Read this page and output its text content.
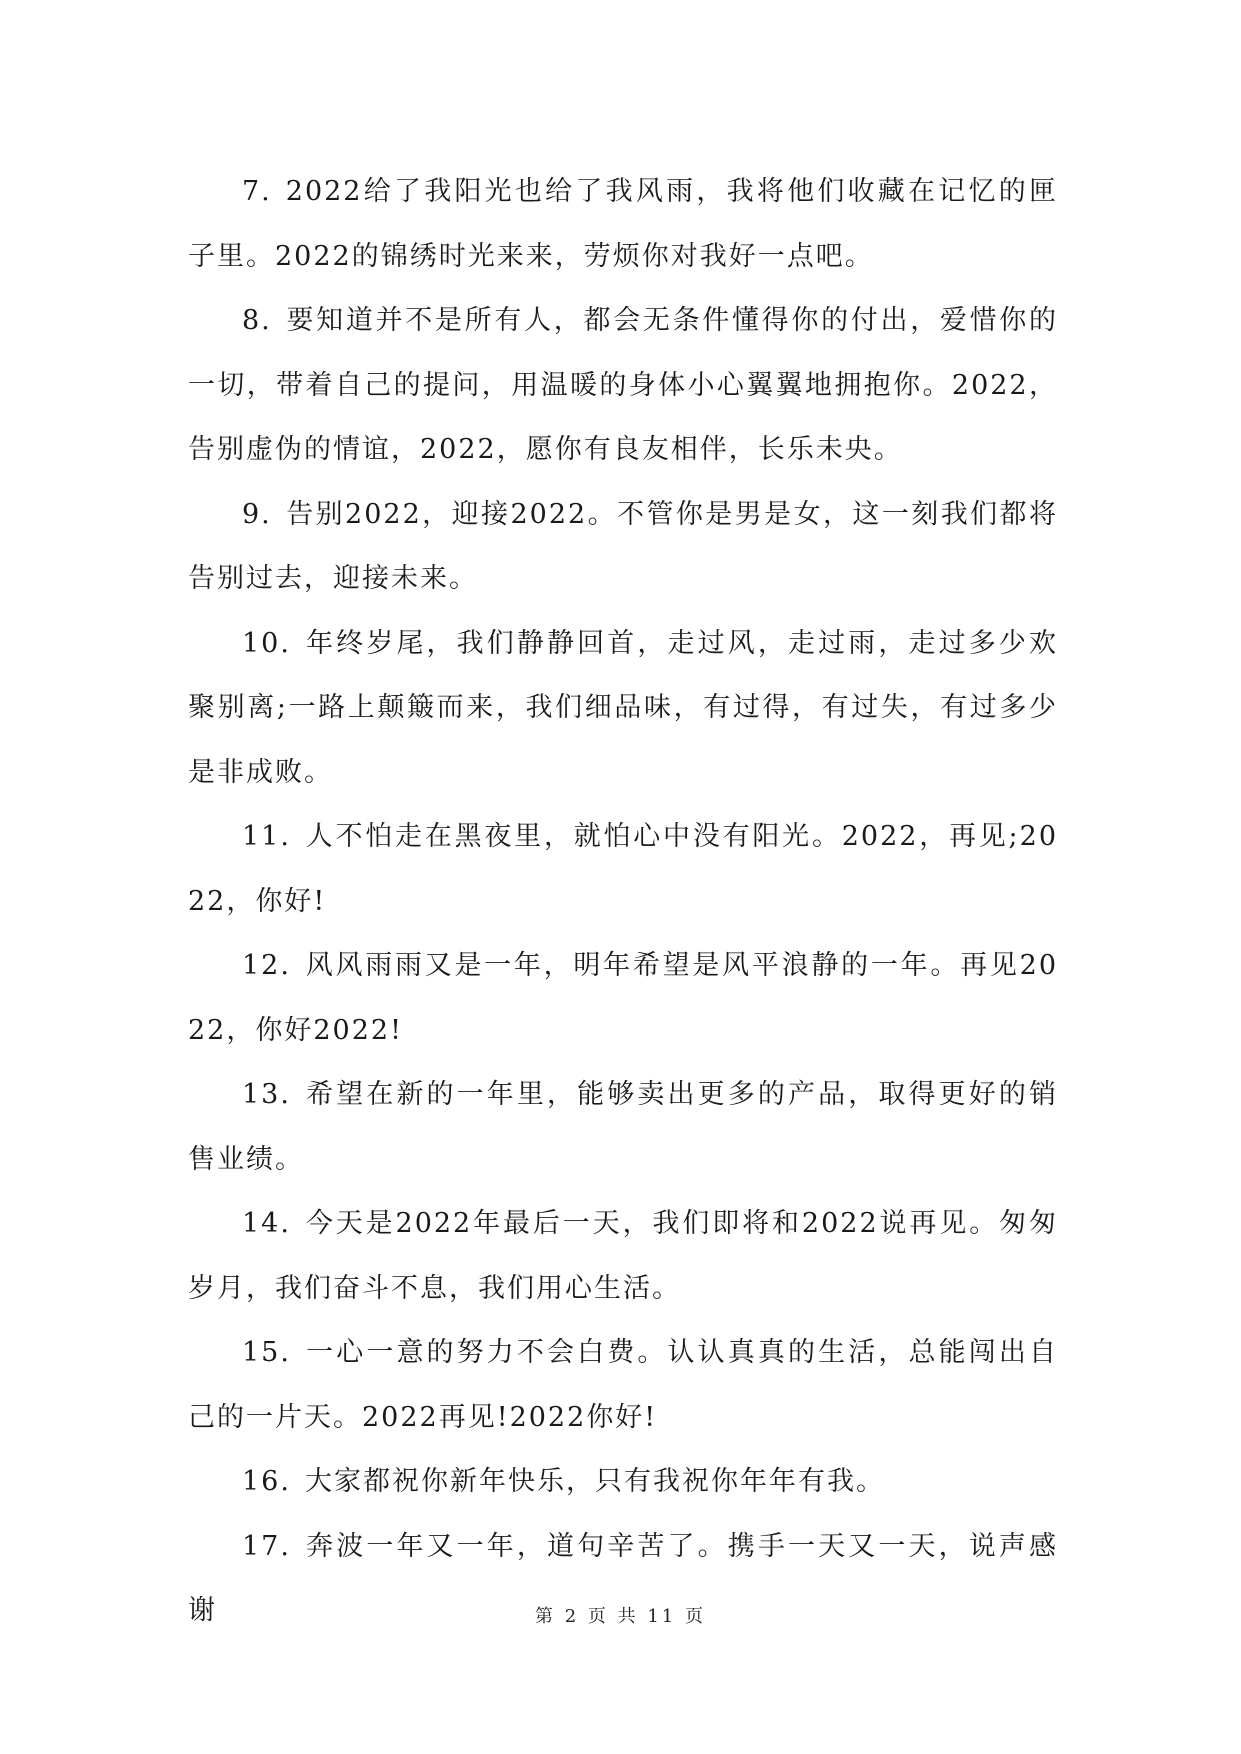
7. 2022给了我阳光也给了我风雨，我将他们收藏在记忆的匣子里。2022的锦绣时光来来，劳烦你对我好一点吧。

8. 要知道并不是所有人，都会无条件懂得你的付出，爱惜你的一切，带着自己的提问，用温暖的身体小心翼翼地拥抱你。2022，告别虚伪的情谊，2022，愿你有良友相伴，长乐未央。

9. 告别2022，迎接2022。不管你是男是女，这一刻我们都将告别过去，迎接未来。

10. 年终岁尾，我们静静回首，走过风，走过雨，走过多少欢聚别离;一路上颠簸而来，我们细品味，有过得，有过失，有过多少是非成败。

11. 人不怕走在黑夜里，就怕心中没有阳光。2022，再见;2022，你好!

12. 风风雨雨又是一年，明年希望是风平浪静的一年。再见2022，你好2022!

13. 希望在新的一年里，能够卖出更多的产品，取得更好的销售业绩。

14. 今天是2022年最后一天，我们即将和2022说再见。匆匆岁月，我们奋斗不息，我们用心生活。

15. 一心一意的努力不会白费。认认真真的生活，总能闯出自己的一片天。2022再见!2022你好!

16. 大家都祝你新年快乐，只有我祝你年年有我。

17. 奔波一年又一年，道句辛苦了。携手一天又一天，说声感谢	第 2 页 共 11 页
